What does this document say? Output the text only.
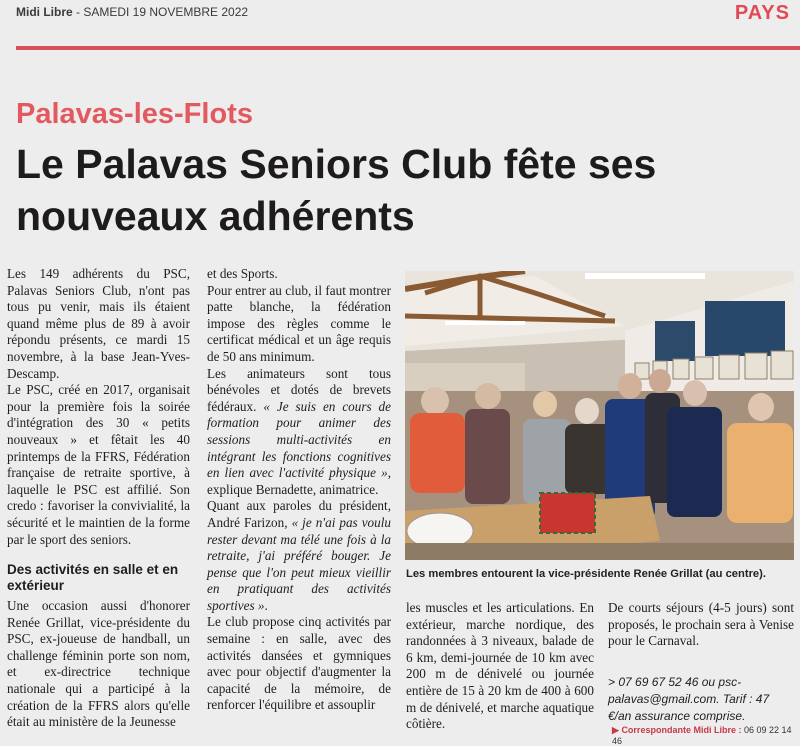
Midi Libre - SAMEDI 19 NOVEMBRE 2022	PAYS
Palavas-les-Flots
Le Palavas Seniors Club fête ses nouveaux adhérents

Les 149 adhérents du PSC, Palavas Seniors Club, n'ont pas tous pu venir, mais ils étaient quand même plus de 89 à avoir répondu présents, ce mardi 15 novembre, à la base Jean-Yves-Descamp.

Le PSC, créé en 2017, organisait pour la première fois la soirée d'intégration des 30 « petits nouveaux » et fêtait les 40 printemps de la FFRS, Fédération française de retraite sportive, à laquelle le PSC est affilié. Son credo : favoriser la convivialité, la sécurité et le maintien de la forme par le sport des seniors.

Des activités en salle et en extérieur

Une occasion aussi d'honorer Renée Grillat, vice-présidente du PSC, ex-joueuse de handball, un challenge féminin porte son nom, et ex-directrice technique nationale qui a participé à la création de la FFRS alors qu'elle était au ministère de la Jeunesse

et des Sports.

Pour entrer au club, il faut montrer patte blanche, la fédération impose des règles comme le certificat médical et un âge requis de 50 ans minimum.

Les animateurs sont tous bénévoles et dotés de brevets fédéraux. « Je suis en cours de formation pour animer des sessions multi-activités en intégrant les fonctions cognitives en lien avec l'activité physique », explique Bernadette, animatrice.

Quant aux paroles du président, André Farizon, « je n'ai pas voulu rester devant ma télé une fois à la retraite, j'ai préféré bouger. Je pense que l'on peut mieux vieillir en pratiquant des activités sportives ».

Le club propose cinq activités par semaine : en salle, avec des activités dansées et gymniques avec pour objectif d'augmenter la capacité de la mémoire, de renforcer l'équilibre et assouplir

Les membres entourent la vice-présidente Renée Grillat (au centre).

les muscles et les articulations. En extérieur, marche nordique, des randonnées à 3 niveaux, balade de 6 km, demi-journée de 10 km avec 200 m de dénivelé ou journée entière de 15 à 20 km de 400 à 600 m de dénivelé, et marche aquatique côtière.

De courts séjours (4-5 jours) sont proposés, le prochain sera à Venise pour le Carnaval.

> 07 69 67 52 46 ou psc-palavas@gmail.com. Tarif : 47 €/an assurance comprise.

▶ Correspondante Midi Libre : 06 09 22 14 46
